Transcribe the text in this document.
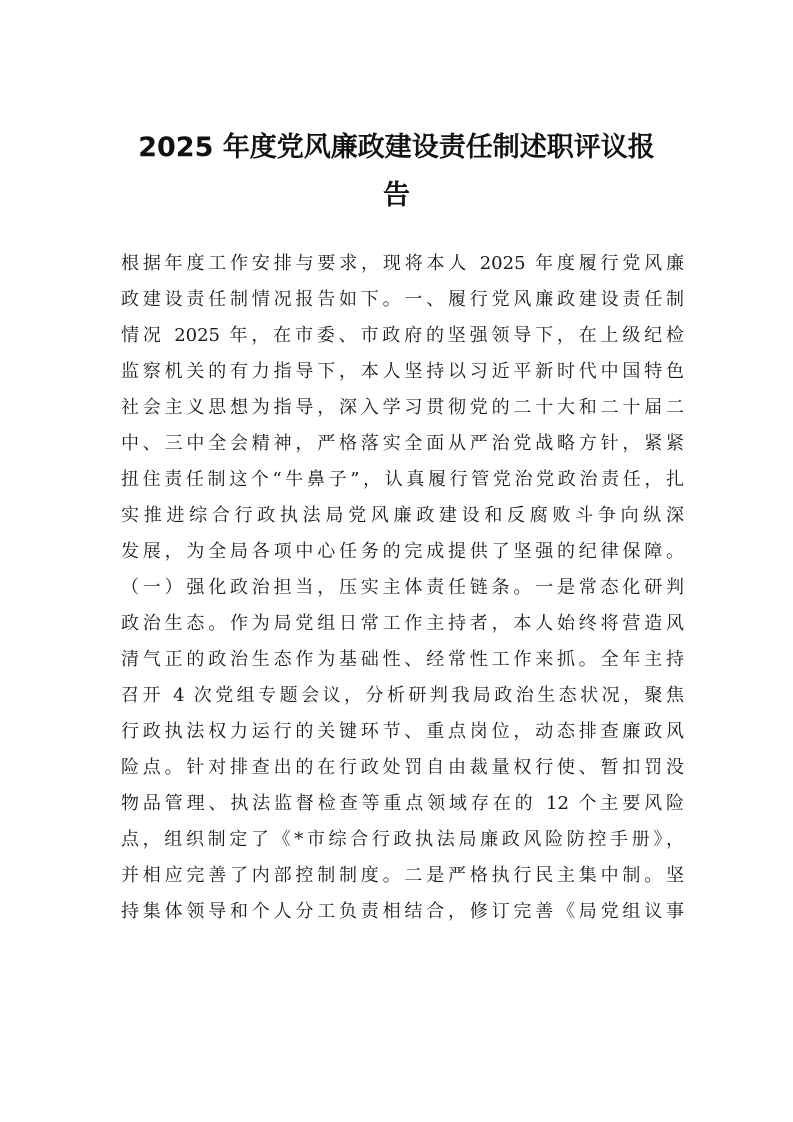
2025 年度党风廉政建设责任制述职评议报
告

根据年度工作安排与要求，现将本人 2025 年度履行党风廉

政建设责任制情况报告如下。一、履行党风廉政建设责任制

情况 2025 年，在市委、市政府的坚强领导下，在上级纪检

监察机关的有力指导下，本人坚持以习近平新时代中国特色

社会主义思想为指导，深入学习贯彻党的二十大和二十届二

中、三中全会精神，严格落实全面从严治党战略方针，紧紧

扭住责任制这个“牛鼻子”，认真履行管党治党政治责任，扎

实推进综合行政执法局党风廉政建设和反腐败斗争向纵深

发展，为全局各项中心任务的完成提供了坚强的纪律保障。

（一）强化政治担当，压实主体责任链条。一是常态化研判

政治生态。作为局党组日常工作主持者，本人始终将营造风

清气正的政治生态作为基础性、经常性工作来抓。全年主持

召开 4 次党组专题会议，分析研判我局政治生态状况，聚焦

行政执法权力运行的关键环节、重点岗位，动态排查廉政风

险点。针对排查出的在行政处罚自由裁量权行使、暂扣罚没

物品管理、执法监督检查等重点领域存在的 12 个主要风险

点，组织制定了《*市综合行政执法局廉政风险防控手册》，

并相应完善了内部控制制度。二是严格执行民主集中制。坚

持集体领导和个人分工负责相结合，修订完善《局党组议事
